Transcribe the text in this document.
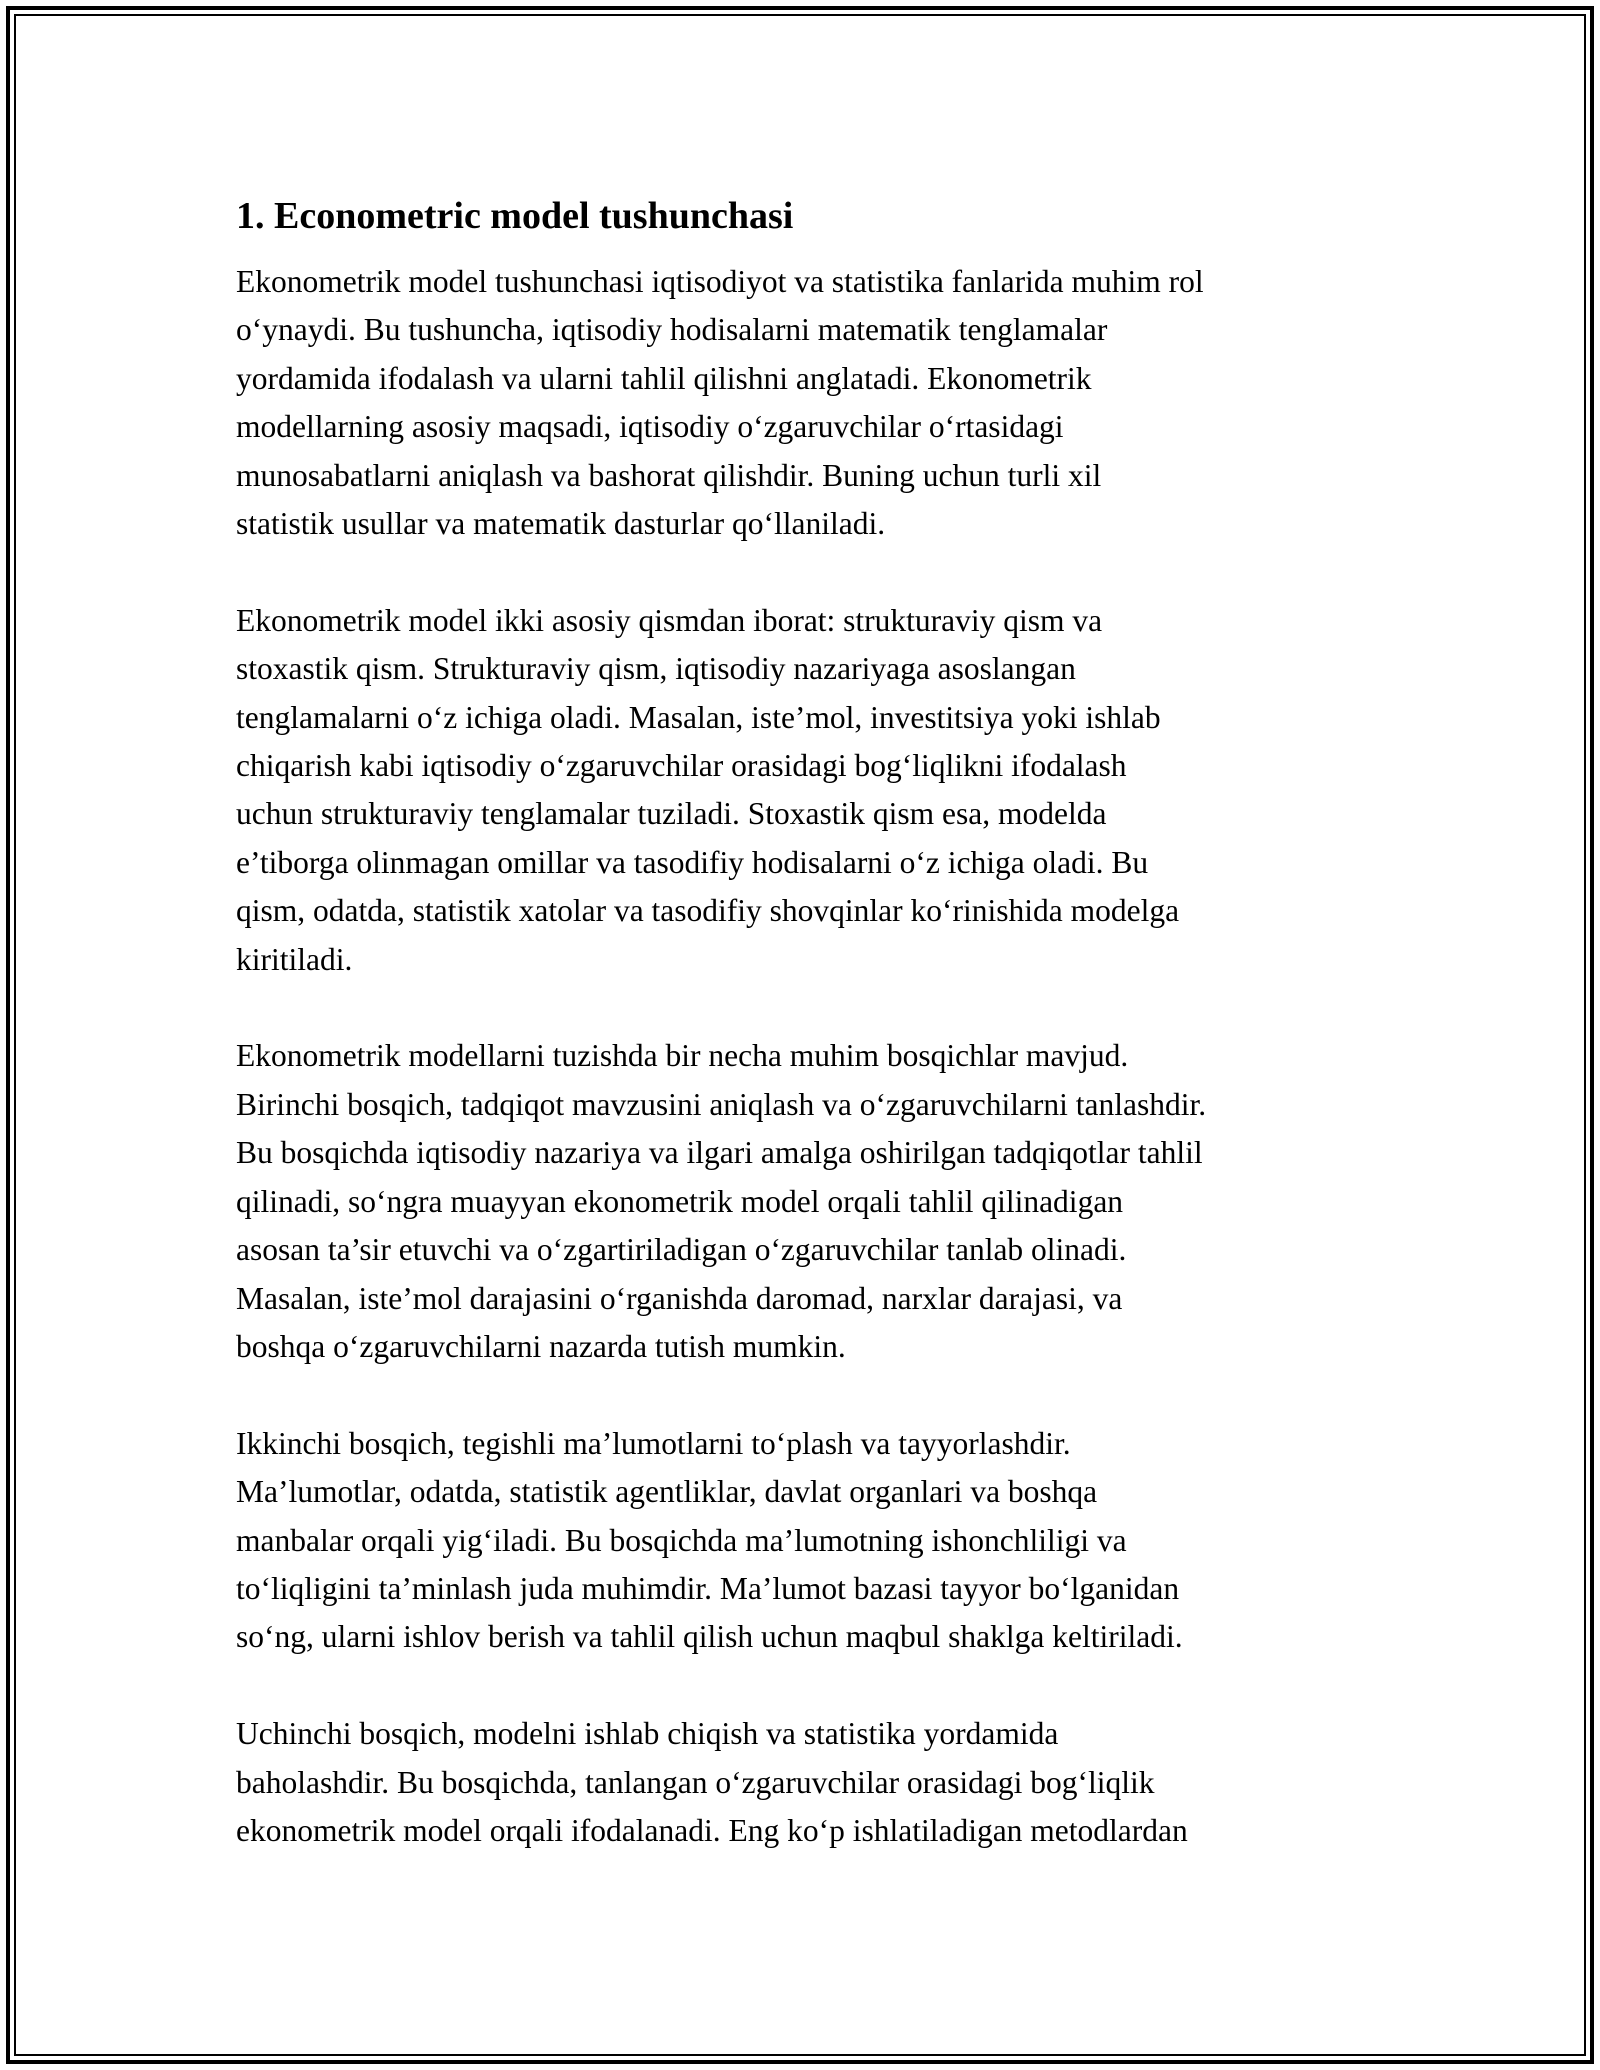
1. Econometric model tushunchasi

Ekonometrik model tushunchasi iqtisodiyot va statistika fanlarida muhim rol
o‘ynaydi. Bu tushuncha, iqtisodiy hodisalarni matematik tenglamalar
yordamida ifodalash va ularni tahlil qilishni anglatadi. Ekonometrik
modellarning asosiy maqsadi, iqtisodiy o‘zgaruvchilar o‘rtasidagi
munosabatlarni aniqlash va bashorat qilishdir. Buning uchun turli xil
statistik usullar va matematik dasturlar qo‘llaniladi.

Ekonometrik model ikki asosiy qismdan iborat: strukturaviy qism va
stoxastik qism. Strukturaviy qism, iqtisodiy nazariyaga asoslangan
tenglamalarni o‘z ichiga oladi. Masalan, iste’mol, investitsiya yoki ishlab
chiqarish kabi iqtisodiy o‘zgaruvchilar orasidagi bog‘liqlikni ifodalash
uchun strukturaviy tenglamalar tuziladi. Stoxastik qism esa, modelda
e’tiborga olinmagan omillar va tasodifiy hodisalarni o‘z ichiga oladi. Bu
qism, odatda, statistik xatolar va tasodifiy shovqinlar ko‘rinishida modelga
kiritiladi.

Ekonometrik modellarni tuzishda bir necha muhim bosqichlar mavjud.
Birinchi bosqich, tadqiqot mavzusini aniqlash va o‘zgaruvchilarni tanlashdir.
Bu bosqichda iqtisodiy nazariya va ilgari amalga oshirilgan tadqiqotlar tahlil
qilinadi, so‘ngra muayyan ekonometrik model orqali tahlil qilinadigan
asosan ta’sir etuvchi va o‘zgartiriladigan o‘zgaruvchilar tanlab olinadi.
Masalan, iste’mol darajasini o‘rganishda daromad, narxlar darajasi, va
boshqa o‘zgaruvchilarni nazarda tutish mumkin.

Ikkinchi bosqich, tegishli ma’lumotlarni to‘plash va tayyorlashdir.
Ma’lumotlar, odatda, statistik agentliklar, davlat organlari va boshqa
manbalar orqali yig‘iladi. Bu bosqichda ma’lumotning ishonchliligi va
to‘liqligini ta’minlash juda muhimdir. Ma’lumot bazasi tayyor bo‘lganidan
so‘ng, ularni ishlov berish va tahlil qilish uchun maqbul shaklga keltiriladi.

Uchinchi bosqich, modelni ishlab chiqish va statistika yordamida
baholashdir. Bu bosqichda, tanlangan o‘zgaruvchilar orasidagi bog‘liqlik
ekonometrik model orqali ifodalanadi. Eng ko‘p ishlatiladigan metodlardan
